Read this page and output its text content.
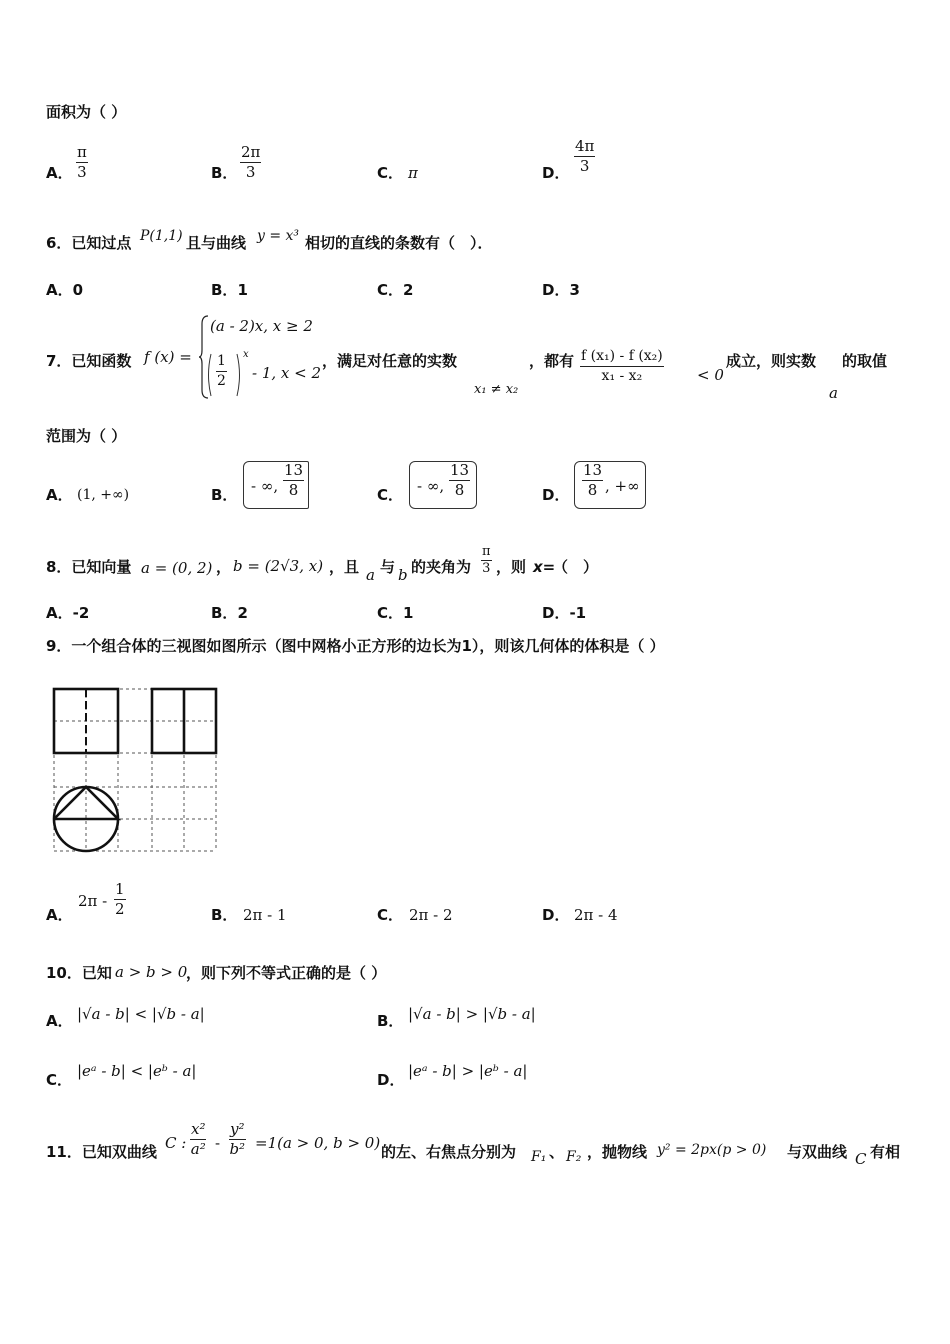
面积为（ ）
A．
π
3	B．
2π
3	C． π	D．
4π
3
6．已知过点 P(1,1) 且与曲线 y = x³ 相切的直线的条数有（　）．
A．0	B．1	C．2	D．3
7．已知函数 f (x) =
(a - 2)x, x ≥ 2
1
2
x
- 1, x < 2
，满足对任意的实数
x₁ ≠ x₂
，都有 f (x₁) - f (x₂)
x₁ - x₂	< 0
成立，则实数
a
的取值
范围为（ ）
A． (1, +∞)	B． - ∞,
13
8	C． - ∞,
13
8	D．
13
8 , +∞
8．已知向量 a = (0, 2) ， b = (2√3, x) ，且 a 与 b 的夹角为
π
3 ，则 x=
（　）
A．-2	B．2	C．1	D．-1
9．一个组合体的三视图如图所示（图中网格小正方形的边长为1），则该几何体的体积是（ ）
A．
2π -
1
2	B． 2π - 1	C． 2π - 2	D． 2π - 4
10．已知 a > b > 0
，则下列不等式正确的是（ ）
A． |√a - b| < |√b - a|	B． |√a - b| > |√b - a|
C． |eᵃ - b| < |eᵇ - a|	D． |eᵃ - b| > |eᵇ - a|
11．已知双曲线 C :
x²
a² -
y²
b² =1(a > 0, b > 0) 的左、右焦点分别为 F₁ 、 F₂ ，抛物线 y² = 2px(p > 0) 与双曲线 C 有相
